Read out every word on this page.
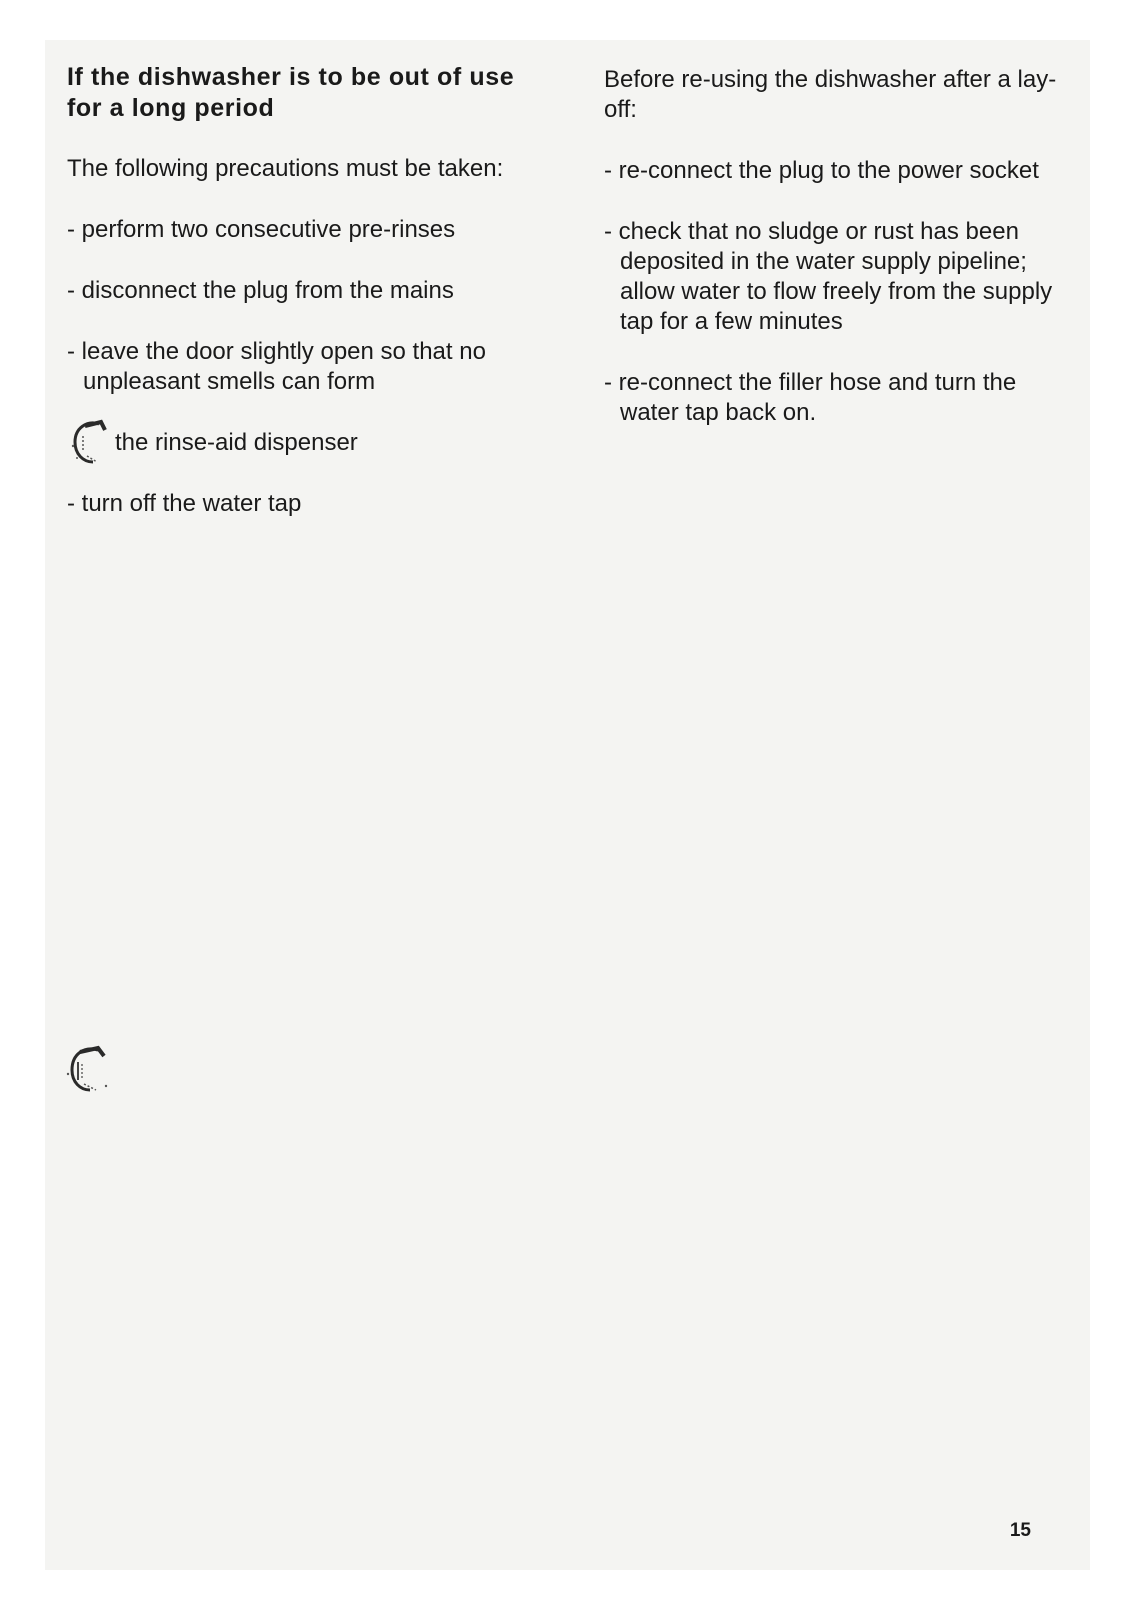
If the dishwasher is to be out of use for a long period
The following precautions must be taken:
- perform two consecutive pre-rinses
- disconnect the plug from the mains
- leave the door slightly open so that no unpleasant smells can form
the rinse-aid dispenser
- turn off the water tap
Before re-using the dishwasher after a lay-off:
- re-connect the plug to the power socket
- check that no sludge or rust has been deposited in the water supply pipeline; allow water to flow freely from the supply tap for a few minutes
- re-connect the filler hose and turn the water tap back on.
15
